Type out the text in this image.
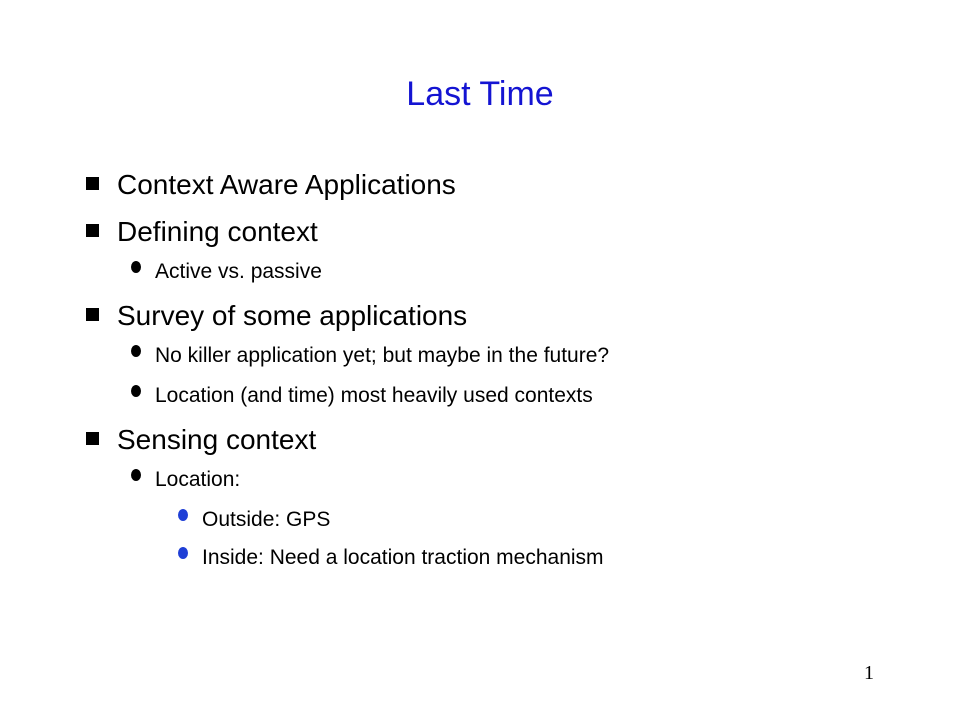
Last Time
Context Aware Applications
Defining context
Active vs. passive
Survey of some applications
No killer application yet; but maybe in the future?
Location (and time) most heavily used contexts
Sensing context
Location:
Outside: GPS
Inside: Need a location traction mechanism
1
